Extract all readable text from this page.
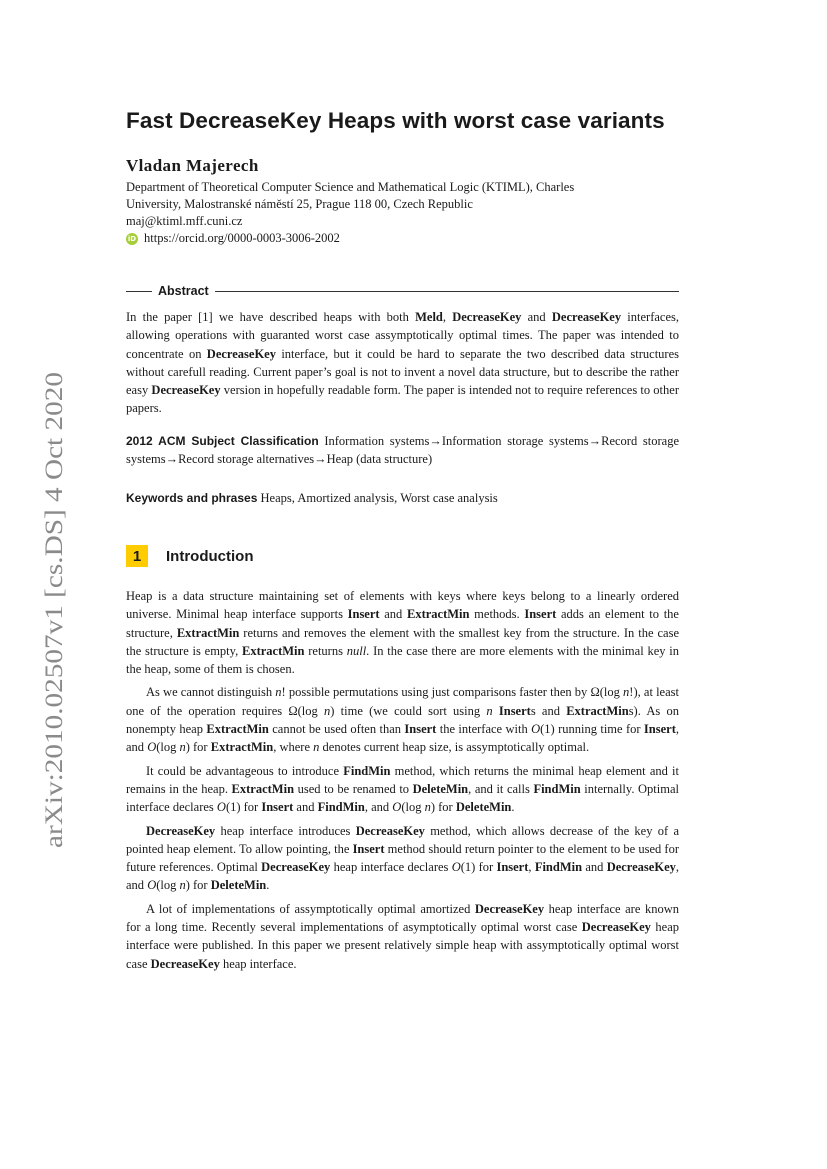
arXiv:2010.02507v1 [cs.DS] 4 Oct 2020
Fast DecreaseKey Heaps with worst case variants
Vladan Majerech
Department of Theoretical Computer Science and Mathematical Logic (KTIML), Charles
University, Malostranské náměstí 25, Prague 118 00, Czech Republic
maj@ktiml.mff.cuni.cz
iD https://orcid.org/0000-0003-3006-2002
Abstract

In the paper [1] we have described heaps with both Meld, DecreaseKey and DecreaseKey interfaces, allowing operations with guaranted worst case assymptotically optimal times. The paper was intended to concentrate on DecreaseKey interface, but it could be hard to separate the two described data structures without carefull reading. Current paper’s goal is not to invent a novel data structure, but to describe the rather easy DecreaseKey version in hopefully readable form. The paper is intended not to require references to other papers.

2012 ACM Subject Classification Information systems→Information storage systems→Record storage systems→Record storage alternatives→Heap (data structure)
Keywords and phrases Heaps, Amortized analysis, Worst case analysis
1	Introduction

Heap is a data structure maintaining set of elements with keys where keys belong to a linearly ordered universe. Minimal heap interface supports Insert and ExtractMin methods. Insert adds an element to the structure, ExtractMin returns and removes the element with the smallest key from the structure. In the case the structure is empty, ExtractMin returns null. In the case there are more elements with the minimal key in the heap, some of them is chosen.

As we cannot distinguish n! possible permutations using just comparisons faster then by Ω(log n!), at least one of the operation requires Ω(log n) time (we could sort using n Inserts and ExtractMins). As on nonempty heap ExtractMin cannot be used often than Insert the interface with O(1) running time for Insert, and O(log n) for ExtractMin, where n denotes current heap size, is assymptotically optimal.

It could be advantageous to introduce FindMin method, which returns the minimal heap element and it remains in the heap. ExtractMin used to be renamed to DeleteMin, and it calls FindMin internally. Optimal interface declares O(1) for Insert and FindMin, and O(log n) for DeleteMin.

DecreaseKey heap interface introduces DecreaseKey method, which allows decrease of the key of a pointed heap element. To allow pointing, the Insert method should return pointer to the element to be used for future references. Optimal DecreaseKey heap interface declares O(1) for Insert, FindMin and DecreaseKey, and O(log n) for DeleteMin.

A lot of implementations of assymptotically optimal amortized DecreaseKey heap interface are known for a long time. Recently several implementations of asymptotically optimal worst case DecreaseKey heap interface were published. In this paper we present relatively simple heap with assymptotically optimal worst case DecreaseKey heap interface.
